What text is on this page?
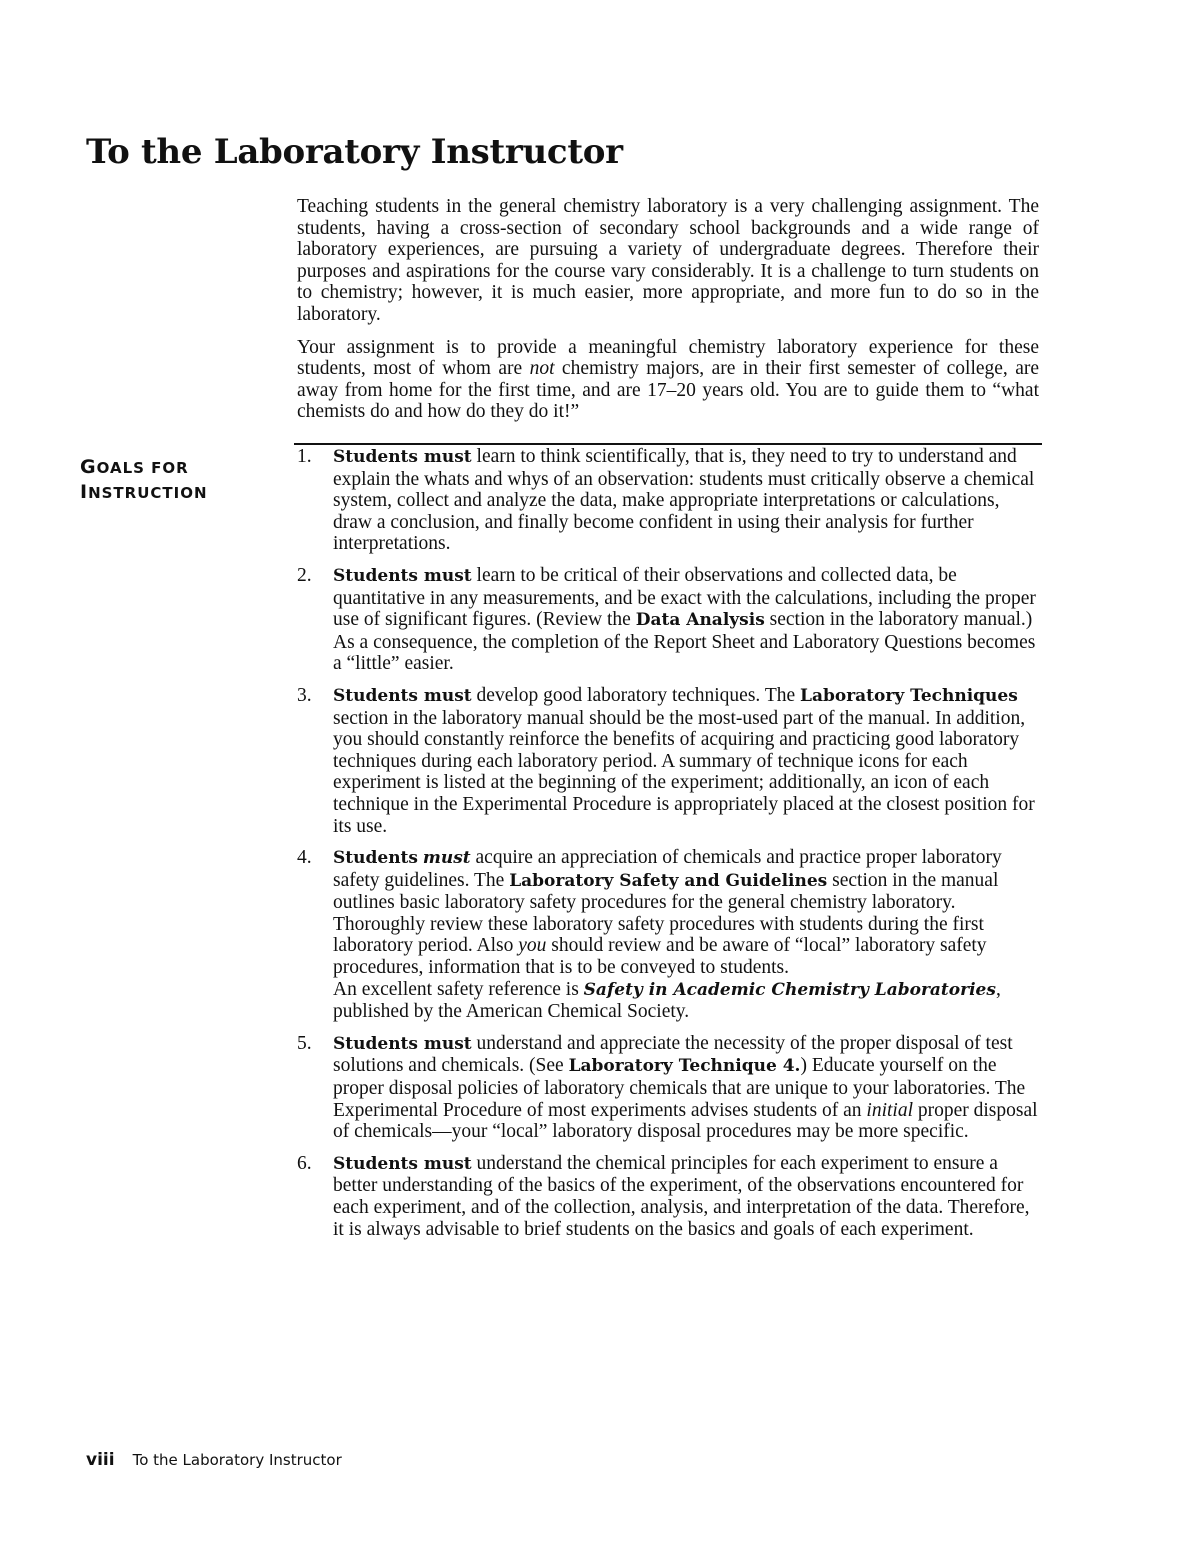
To the Laboratory Instructor

Teaching students in the general chemistry laboratory is a very challenging assignment. The students, having a cross-section of secondary school backgrounds and a wide range of laboratory experiences, are pursuing a variety of undergraduate degrees. Therefore their purposes and aspirations for the course vary considerably. It is a challenge to turn students on to chemistry; however, it is much easier, more appropriate, and more fun to do so in the laboratory.

Your assignment is to provide a meaningful chemistry laboratory experience for these students, most of whom are not chemistry majors, are in their first semester of college, are away from home for the first time, and are 17–20 years old. You are to guide them to “what chemists do and how do they do it!”

GOALS FOR
INSTRUCTION
1.	Students must learn to think scientifically, that is, they need to try to understand and explain the whats and whys of an observation: students must critically observe a chemical system, collect and analyze the data, make appropriate interpretations or calculations, draw a conclusion, and finally become confident in using their analysis for further interpretations.
2.	Students must learn to be critical of their observations and collected data, be quantitative in any measurements, and be exact with the calculations, including the proper use of significant figures. (Review the Data Analysis section in the laboratory manual.) As a consequence, the completion of the Report Sheet and Laboratory Questions becomes a “little” easier.
3.	Students must develop good laboratory techniques. The Laboratory Techniques section in the laboratory manual should be the most-used part of the manual. In addition, you should constantly reinforce the benefits of acquiring and practicing good laboratory techniques during each laboratory period. A summary of technique icons for each experiment is listed at the beginning of the experiment; additionally, an icon of each technique in the Experimental Procedure is appropriately placed at the closest position for its use.
4.	Students must acquire an appreciation of chemicals and practice proper laboratory safety guidelines. The Laboratory Safety and Guidelines section in the manual outlines basic laboratory safety procedures for the general chemistry laboratory. Thoroughly review these laboratory safety procedures with students during the first laboratory period. Also you should review and be aware of “local” laboratory safety procedures, information that is to be conveyed to students.
An excellent safety reference is Safety in Academic Chemistry Laboratories, published by the American Chemical Society.
5.	Students must understand and appreciate the necessity of the proper disposal of test solutions and chemicals. (See Laboratory Technique 4.) Educate yourself on the proper disposal policies of laboratory chemicals that are unique to your laboratories. The Experimental Procedure of most experiments advises students of an initial proper disposal of chemicals—your “local” laboratory disposal procedures may be more specific.
6.	Students must understand the chemical principles for each experiment to ensure a better understanding of the basics of the experiment, of the observations encountered for each experiment, and of the collection, analysis, and interpretation of the data. Therefore, it is always advisable to brief students on the basics and goals of each experiment.
viii To the Laboratory Instructor
